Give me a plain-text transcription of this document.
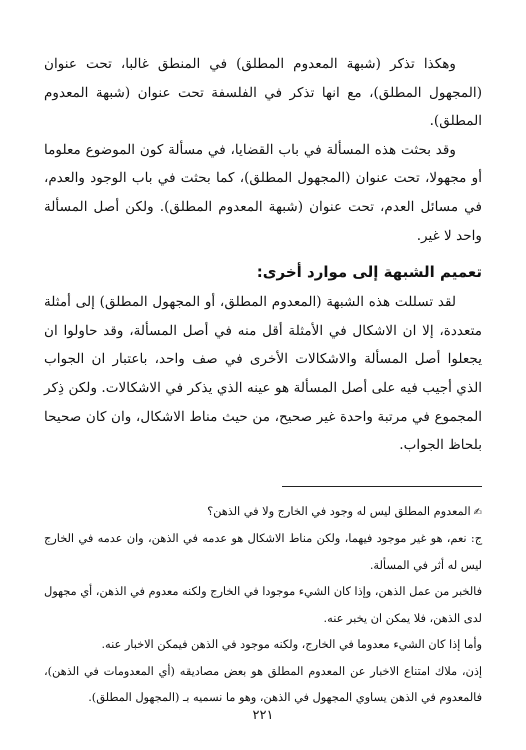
وهكذا تذكر (شبهة المعدوم المطلق) في المنطق غالبا، تحت عنوان (المجهول المطلق)، مع انها تذكر في الفلسفة تحت عنوان (شبهة المعدوم المطلق).

وقد بحثت هذه المسألة في باب القضايا، في مسألة كون الموضوع معلوما أو مجهولا، تحت عنوان (المجهول المطلق)، كما بحثت في باب الوجود والعدم، في مسائل العدم، تحت عنوان (شبهة المعدوم المطلق). ولكن أصل المسألة واحد لا غير.

تعميم الشبهة إلى موارد أخرى:

لقد تسللت هذه الشبهة (المعدوم المطلق، أو المجهول المطلق) إلى أمثلة متعددة، إلا ان الاشكال في الأمثلة أقل منه في أصل المسألة، وقد حاولوا ان يجعلوا أصل المسألة والاشكالات الأخرى في صف واحد، باعتبار ان الجواب الذي أجيب فيه على أصل المسألة هو عينه الذي يذكر في الاشكالات. ولكن ذِكر المجموع في مرتبة واحدة غير صحيح، من حيث مناط الاشكال، وان كان صحيحا بلحاظ الجواب.

✍المعدوم المطلق ليس له وجود في الخارج ولا في الذهن؟

ج: نعم، هو غير موجود فيهما، ولكن مناط الاشكال هو عدمه في الذهن، وان عدمه في الخارج ليس له أثر في المسألة.

فالخبر من عمل الذهن، وإذا كان الشيء موجودا في الخارج ولكنه معدوم في الذهن، أي مجهول لدى الذهن، فلا يمكن ان يخبر عنه.

وأما إذا كان الشيء معدوما في الخارج، ولكنه موجود في الذهن فيمكن الاخبار عنه.

إذن، ملاك امتناع الاخبار عن المعدوم المطلق هو بعض مصاديقه (أي المعدومات في الذهن)، فالمعدوم في الذهن يساوي المجهول في الذهن، وهو ما نسميه بـ (المجهول المطلق).

٢٢١
